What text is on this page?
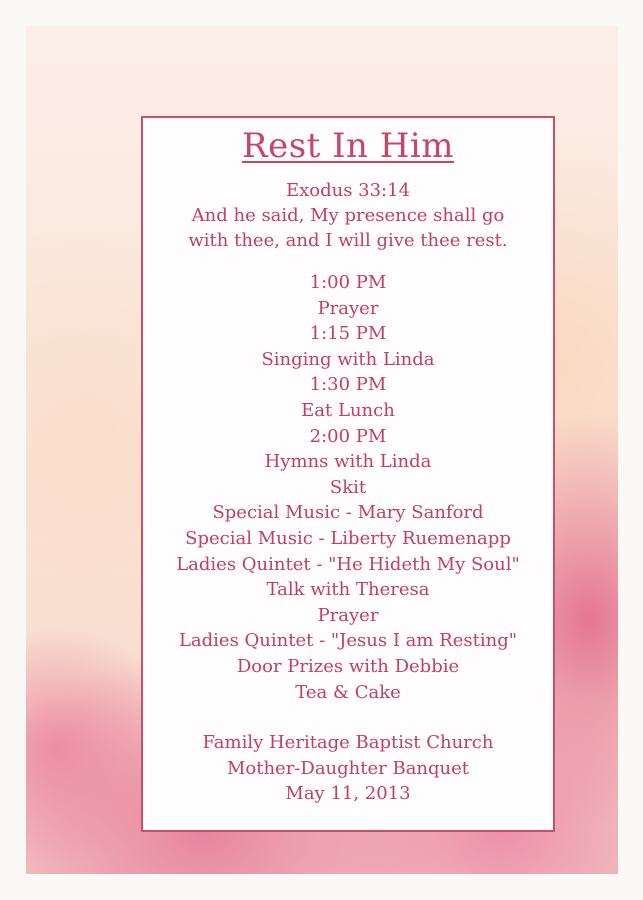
Rest In Him
Exodus 33:14
And he said, My presence shall go
with thee, and I will give thee rest.
1:00 PM
Prayer
1:15 PM
Singing with Linda
1:30 PM
Eat Lunch
2:00 PM
Hymns with Linda
Skit
Special Music - Mary Sanford
Special Music - Liberty Ruemenapp
Ladies Quintet - "He Hideth My Soul"
Talk with Theresa
Prayer
Ladies Quintet - "Jesus I am Resting"
Door Prizes with Debbie
Tea & Cake
Family Heritage Baptist Church
Mother-Daughter Banquet
May 11, 2013
